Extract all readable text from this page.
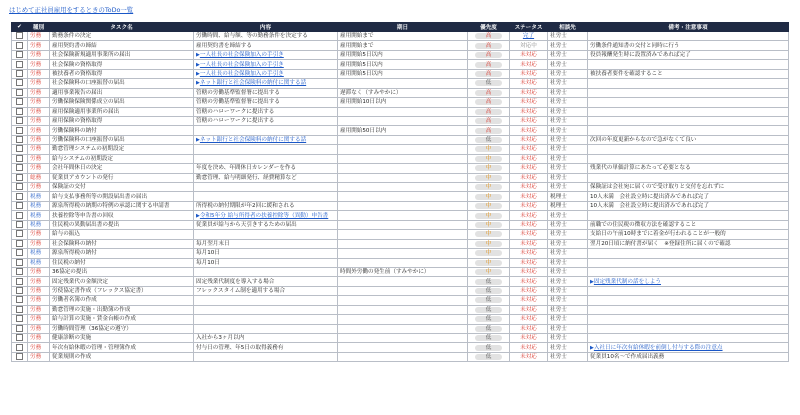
はじめて正社員雇用をするときのToDo一覧
✔	種別	タスク名	内容	期日	優先度	ステータス	相談先	備考・注意事項
	労務	勤務条件の決定	労働時間、給与額、等の勤務条件を決定する	雇用開始まで	高	完了	社労士	
	労務	雇用契約書の締結	雇用契約書を締結する	雇用開始まで	高	対応中	社労士	労働条件通知書の交付と同時に行う
	労務	社会保険新規適用事業所の届出	▶一人社長の社会保険加入の手引き	雇用開始5日以内	高	未対応	社労士	役員報酬発生時に設置済みであれば完了
	労務	社会保険の資格取得	▶一人社長の社会保険加入の手引き	雇用開始5日以内	高	未対応	社労士	
	労務	被扶養者の資格取得	▶一人社長の社会保険加入の手引き	雇用開始5日以内	高	未対応	社労士	被扶養者要件を確認すること
	労務	社会保険料の口座振替の届出	▶ネット銀行と社会保険料の納付に関する話		低	未対応	社労士	
	労務	適用事業報告の届出	管轄の労働基準監督署に提出する	遅滞なく（すみやかに）	高	未対応	社労士	
	労務	労働保険保険関係成立の届出	管轄の労働基準監督署に提出する	雇用開始10日以内	高	未対応	社労士	
	労務	雇用保険適用事業所の届出	管轄のハローワークに提出する		高	未対応	社労士	
	労務	雇用保険の資格取得	管轄のハローワークに提出する		高	未対応	社労士	
	労務	労働保険料の納付		雇用開始50日以内	高	未対応	社労士	
	労務	労働保険料の口座振替の届出	▶ネット銀行と社会保険料の納付に関する話		低	未対応	社労士	次回の年度更新からなので急がなくて良い
	労務	勤怠管理システムの初期設定			中	未対応	社労士	
	労務	給与システムの初期設定			中	未対応	社労士	
	労務	会社年間休日の決定	年度を決め、年間休日カレンダーを作る		中	未対応	社労士	残業代の単価計算にあたって必要となる
	総務	従業員アカウントの発行	勤怠管理、給与明細発行、経費精算など		中	未対応	社労士	
	労務	保険証の交付			中	未対応	社労士	保険証は会社宛に届くので受け取りと交付を忘れずに
	税務	給与支払事務所等の開設届出書の届出			中	未対応	税理士	10人未満　会社設立時に提出済みであれば完了
	税務	源泉所得税の納期の特例の承認に関する申請書	所得税の納付期限が年2回に緩和される		中	未対応	税理士	10人未満　会社設立時に提出済みであれば完了
	税務	扶養控除等申告書の回収	▶令和5年分 給与所得者の扶養控除等（異動）申告書		中	未対応	社労士	
	税務	住民税の異動届出書の提出	従業員が給与から天引きするための届出		中	未対応	社労士	前職での住民税の徴収方法を確認すること
	労務	給与の振込			中	未対応	社労士	支給日の午前10時までに着金が行われることが一般的
	労務	社会保険料の納付	毎月翌月末日		中	未対応	社労士	翌月20日頃に納付書が届く　※登録住所に届くので確認
	税務	源泉所得税の納付	毎月10日		中	未対応	社労士	
	税務	住民税の納付	毎月10日		中	未対応	社労士	
	労務	36協定の提出		時間外労働の発生前（すみやかに）	中	未対応	社労士	
	労務	固定残業代の金額決定	固定残業代制度を導入する場合		低	未対応	社労士	▶固定残業代制の話をしよう
	労務	労使協定書作成（フレックス協定書）	フレックスタイム制を適用する場合		低	未対応	社労士	
	労務	労働者名簿の作成			低	未対応	社労士	
	労務	勤怠管理の実施・出勤簿の作成			低	未対応	社労士	
	労務	給与計算の実施・賃金台帳の作成			低	未対応	社労士	
	労務	労働時間管理（36協定の遵守）			低	未対応	社労士	
	労務	健康診断の実施	入社から3ヶ月以内		低	未対応	社労士	
	労務	年次有給休暇の管理・管理簿作成	付与日の管理、年5日の取得義務有		低	未対応	社労士	▶入社日に年次有給休暇を前倒し付与する際の注意点
	労務	従業規則の作成			低	未対応	社労士	従業員10名〜で作成届出義務
